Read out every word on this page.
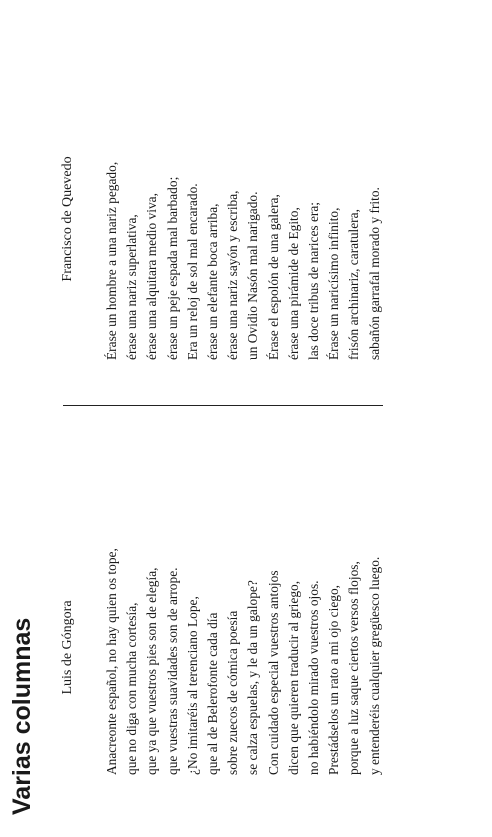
Varias columnas Luis de Góngora Anacreonte español, no hay quien os tope, que no diga con mucha cortesía, que ya que vuestros pies son de elegía, que vuestras suavidades son de arrope. ¿No imitaréis al terenciano Lope, que al de Belerofonte cada día sobre zuecos de cómica poesía se calza espuelas, y le da un galope? Con cuidado especial vuestros antojos dicen que quieren traducir al griego, no habiéndolo mirado vuestros ojos. Prestádselos un rato a mi ojo ciego, porque a luz saque ciertos versos flojos, y entenderéis cualquier gregüesco luego.

Francisco de Quevedo Érase un hombre a una nariz pegado, érase una nariz superlativa, érase una alquitara medio viva, érase un peje espada mal barbado; Era un reloj de sol mal encarado. érase un elefante boca arriba, érase una nariz sayón y escriba, un Ovidio Nasón mal narigado. Érase el espolón de una galera, érase una pirámide de Egito, las doce tribus de narices era; Érase un naricísimo infinito, frisón archinariz, caratulera, sabañón garrafal morado y frito.
